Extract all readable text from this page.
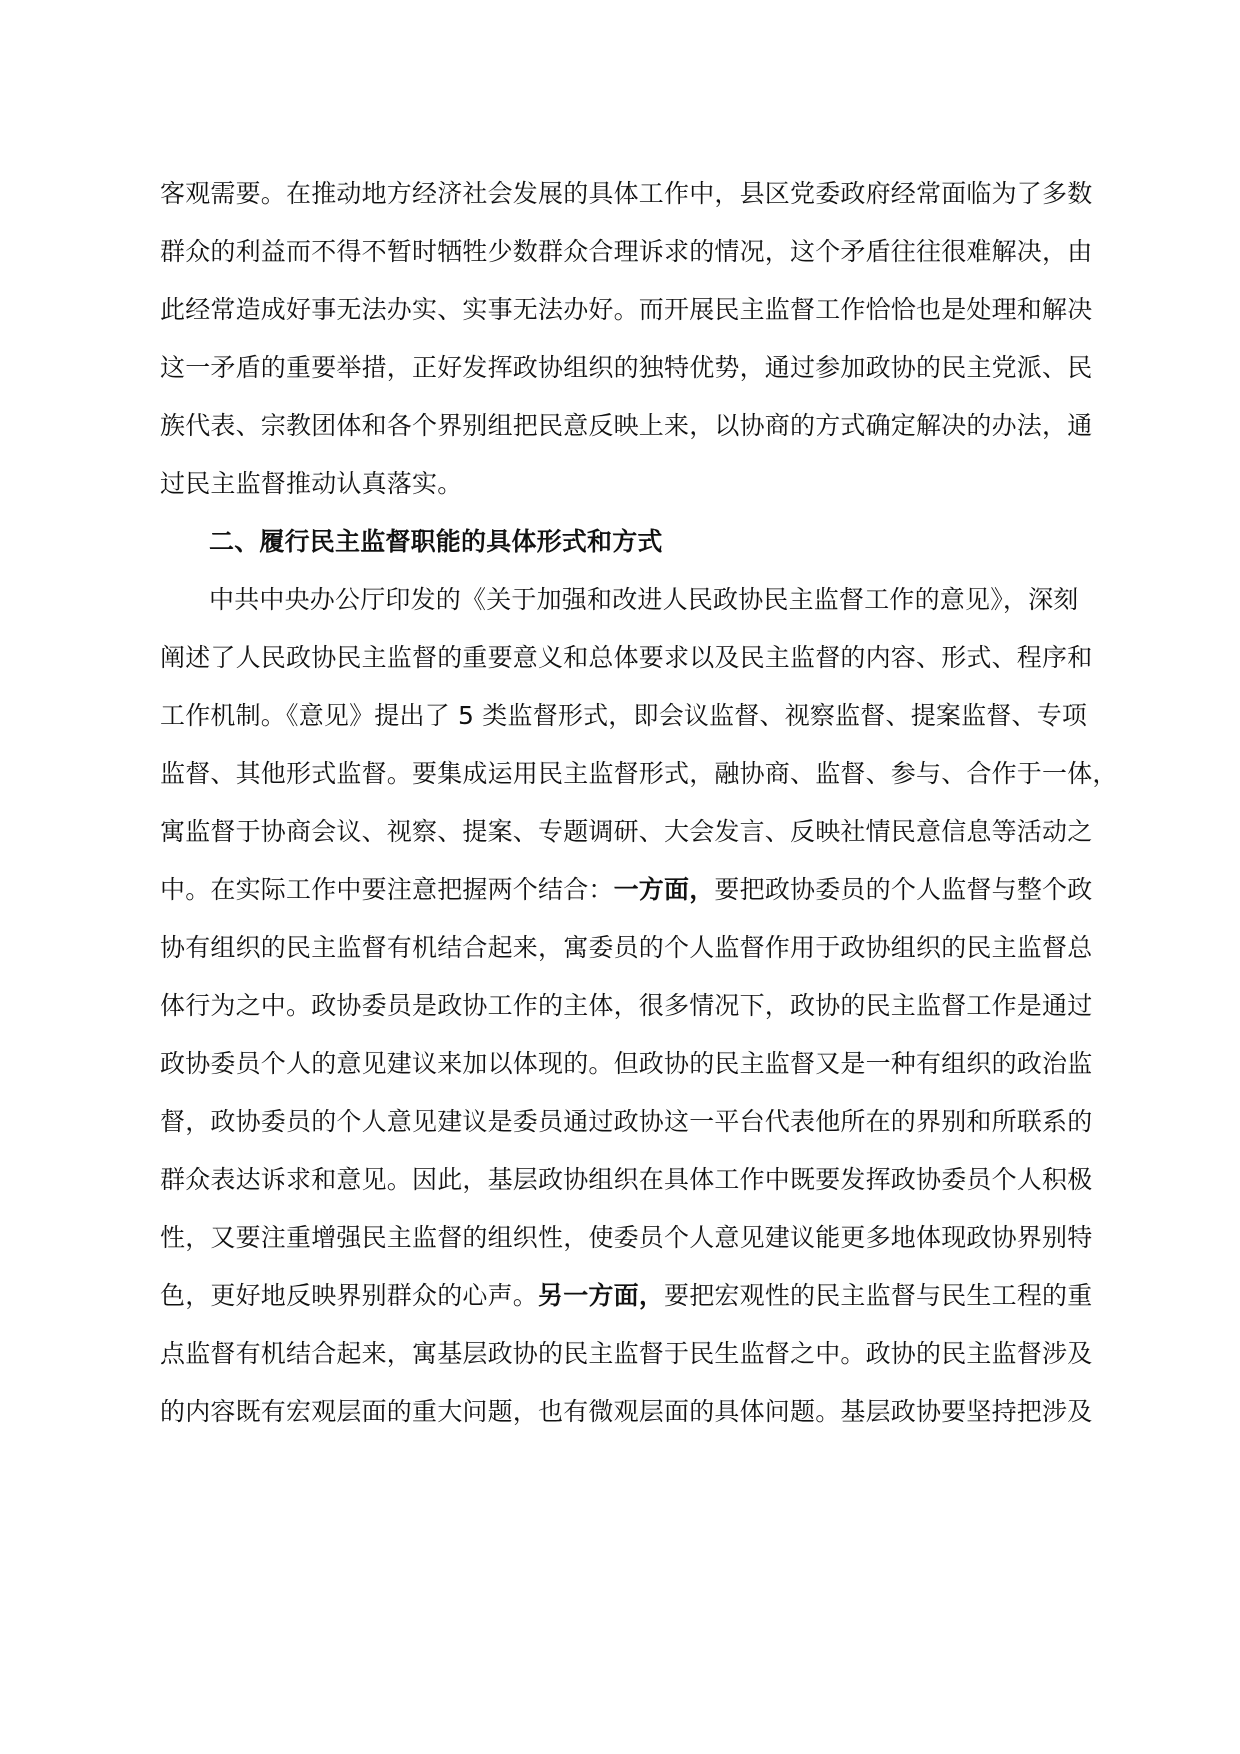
客观需要。在推动地方经济社会发展的具体工作中，县区党委政府经常面临为了多数
群众的利益而不得不暂时牺牲少数群众合理诉求的情况，这个矛盾往往很难解决，由
此经常造成好事无法办实、实事无法办好。而开展民主监督工作恰恰也是处理和解决
这一矛盾的重要举措，正好发挥政协组织的独特优势，通过参加政协的民主党派、民
族代表、宗教团体和各个界别组把民意反映上来，以协商的方式确定解决的办法，通
过民主监督推动认真落实。
二、履行民主监督职能的具体形式和方式
中共中央办公厅印发的《关于加强和改进人民政协民主监督工作的意见》，深刻
阐述了人民政协民主监督的重要意义和总体要求以及民主监督的内容、形式、程序和
工作机制。《意见》提出了 5 类监督形式，即会议监督、视察监督、提案监督、专项
监督、其他形式监督。要集成运用民主监督形式，融协商、监督、参与、合作于一体，
寓监督于协商会议、视察、提案、专题调研、大会发言、反映社情民意信息等活动之
中。在实际工作中要注意把握两个结合：一方面，要把政协委员的个人监督与整个政
协有组织的民主监督有机结合起来，寓委员的个人监督作用于政协组织的民主监督总
体行为之中。政协委员是政协工作的主体，很多情况下，政协的民主监督工作是通过
政协委员个人的意见建议来加以体现的。但政协的民主监督又是一种有组织的政治监
督，政协委员的个人意见建议是委员通过政协这一平台代表他所在的界别和所联系的
群众表达诉求和意见。因此，基层政协组织在具体工作中既要发挥政协委员个人积极
性，又要注重增强民主监督的组织性，使委员个人意见建议能更多地体现政协界别特
色，更好地反映界别群众的心声。另一方面，要把宏观性的民主监督与民生工程的重
点监督有机结合起来，寓基层政协的民主监督于民生监督之中。政协的民主监督涉及
的内容既有宏观层面的重大问题，也有微观层面的具体问题。基层政协要坚持把涉及
